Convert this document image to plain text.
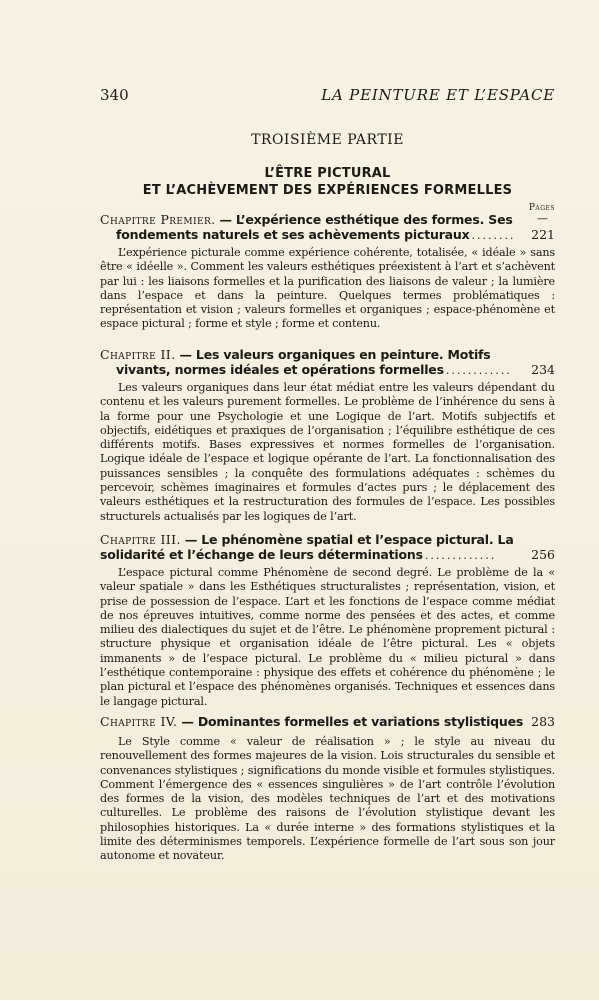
340	LA PEINTURE ET L’ESPACE
TROISIÈME PARTIE
L’ÊTRE PICTURAL
ET L’ACHÈVEMENT DES EXPÉRIENCES FORMELLES
Pages
—
Chapitre Premier.
— L’expérience esthétique des formes. Ses
fondements naturels et ses achèvements picturaux ........	221

L’expérience picturale comme expérience cohérente, totalisée, « idéale » sans être « idéelle ». Comment les valeurs esthétiques préexistent à l’art et s’achèvent par lui : les liaisons formelles et la purification des liaisons de valeur ; la lumière dans l’espace et dans la peinture. Quelques termes problématiques : représentation et vision ; valeurs formelles et organiques ; espace-phénomène et espace pictural ; forme et style ; forme et contenu.

Chapitre II.
— Les valeurs organiques en peinture. Motifs
vivants, normes idéales et opérations formelles ............	234

Les valeurs organiques dans leur état médiat entre les valeurs dépendant du contenu et les valeurs purement formelles. Le problème de l’inhérence du sens à la forme pour une Psychologie et une Logique de l’art. Motifs subjectifs et objectifs, eidétiques et praxiques de l’organisation ; l’équilibre esthétique de ces différents motifs. Bases expressives et normes formelles de l’organisation. Logique idéale de l’espace et logique opérante de l’art. La fonctionnalisation des puissances sensibles ; la conquête des formulations adéquates : schèmes du percevoir, schèmes imaginaires et formules d’actes purs ; le déplacement des valeurs esthétiques et la restructuration des formules de l’espace. Les possibles structurels actualisés par les logiques de l’art.

Chapitre III.
— Le phénomène spatial et l’espace pictural. La
solidarité et l’échange de leurs déterminations .............	256

L’espace pictural comme Phénomène de second degré. Le problème de la « valeur spatiale » dans les Esthétiques structuralistes ; représentation, vision, et prise de possession de l’espace. L’art et les fonctions de l’espace comme médiat de nos épreuves intuitives, comme norme des pensées et des actes, et comme milieu des dialectiques du sujet et de l’être. Le phénomène proprement pictural : structure physique et organisation idéale de l’être pictural. Les « objets immanents » de l’espace pictural. Le problème du « milieu pictural » dans l’esthétique contemporaine : physique des effets et cohérence du phénomène ; le plan pictural et l’espace des phénomènes organisés. Techniques et essences dans le langage pictural.

Chapitre IV.
— Dominantes formelles et variations stylistiques 283

Le Style comme « valeur de réalisation » ; le style au niveau du renouvellement des formes majeures de la vision. Lois structurales du sensible et convenances stylistiques ; significations du monde visible et formules stylistiques. Comment l’émergence des « essences singulières » de l’art contrôle l’évolution des formes de la vision, des modèles techniques de l’art et des motivations culturelles. Le problème des raisons de l’évolution stylistique devant les philosophies historiques. La « durée interne » des formations stylistiques et la limite des déterminismes temporels. L’expérience formelle de l’art sous son jour autonome et novateur.
